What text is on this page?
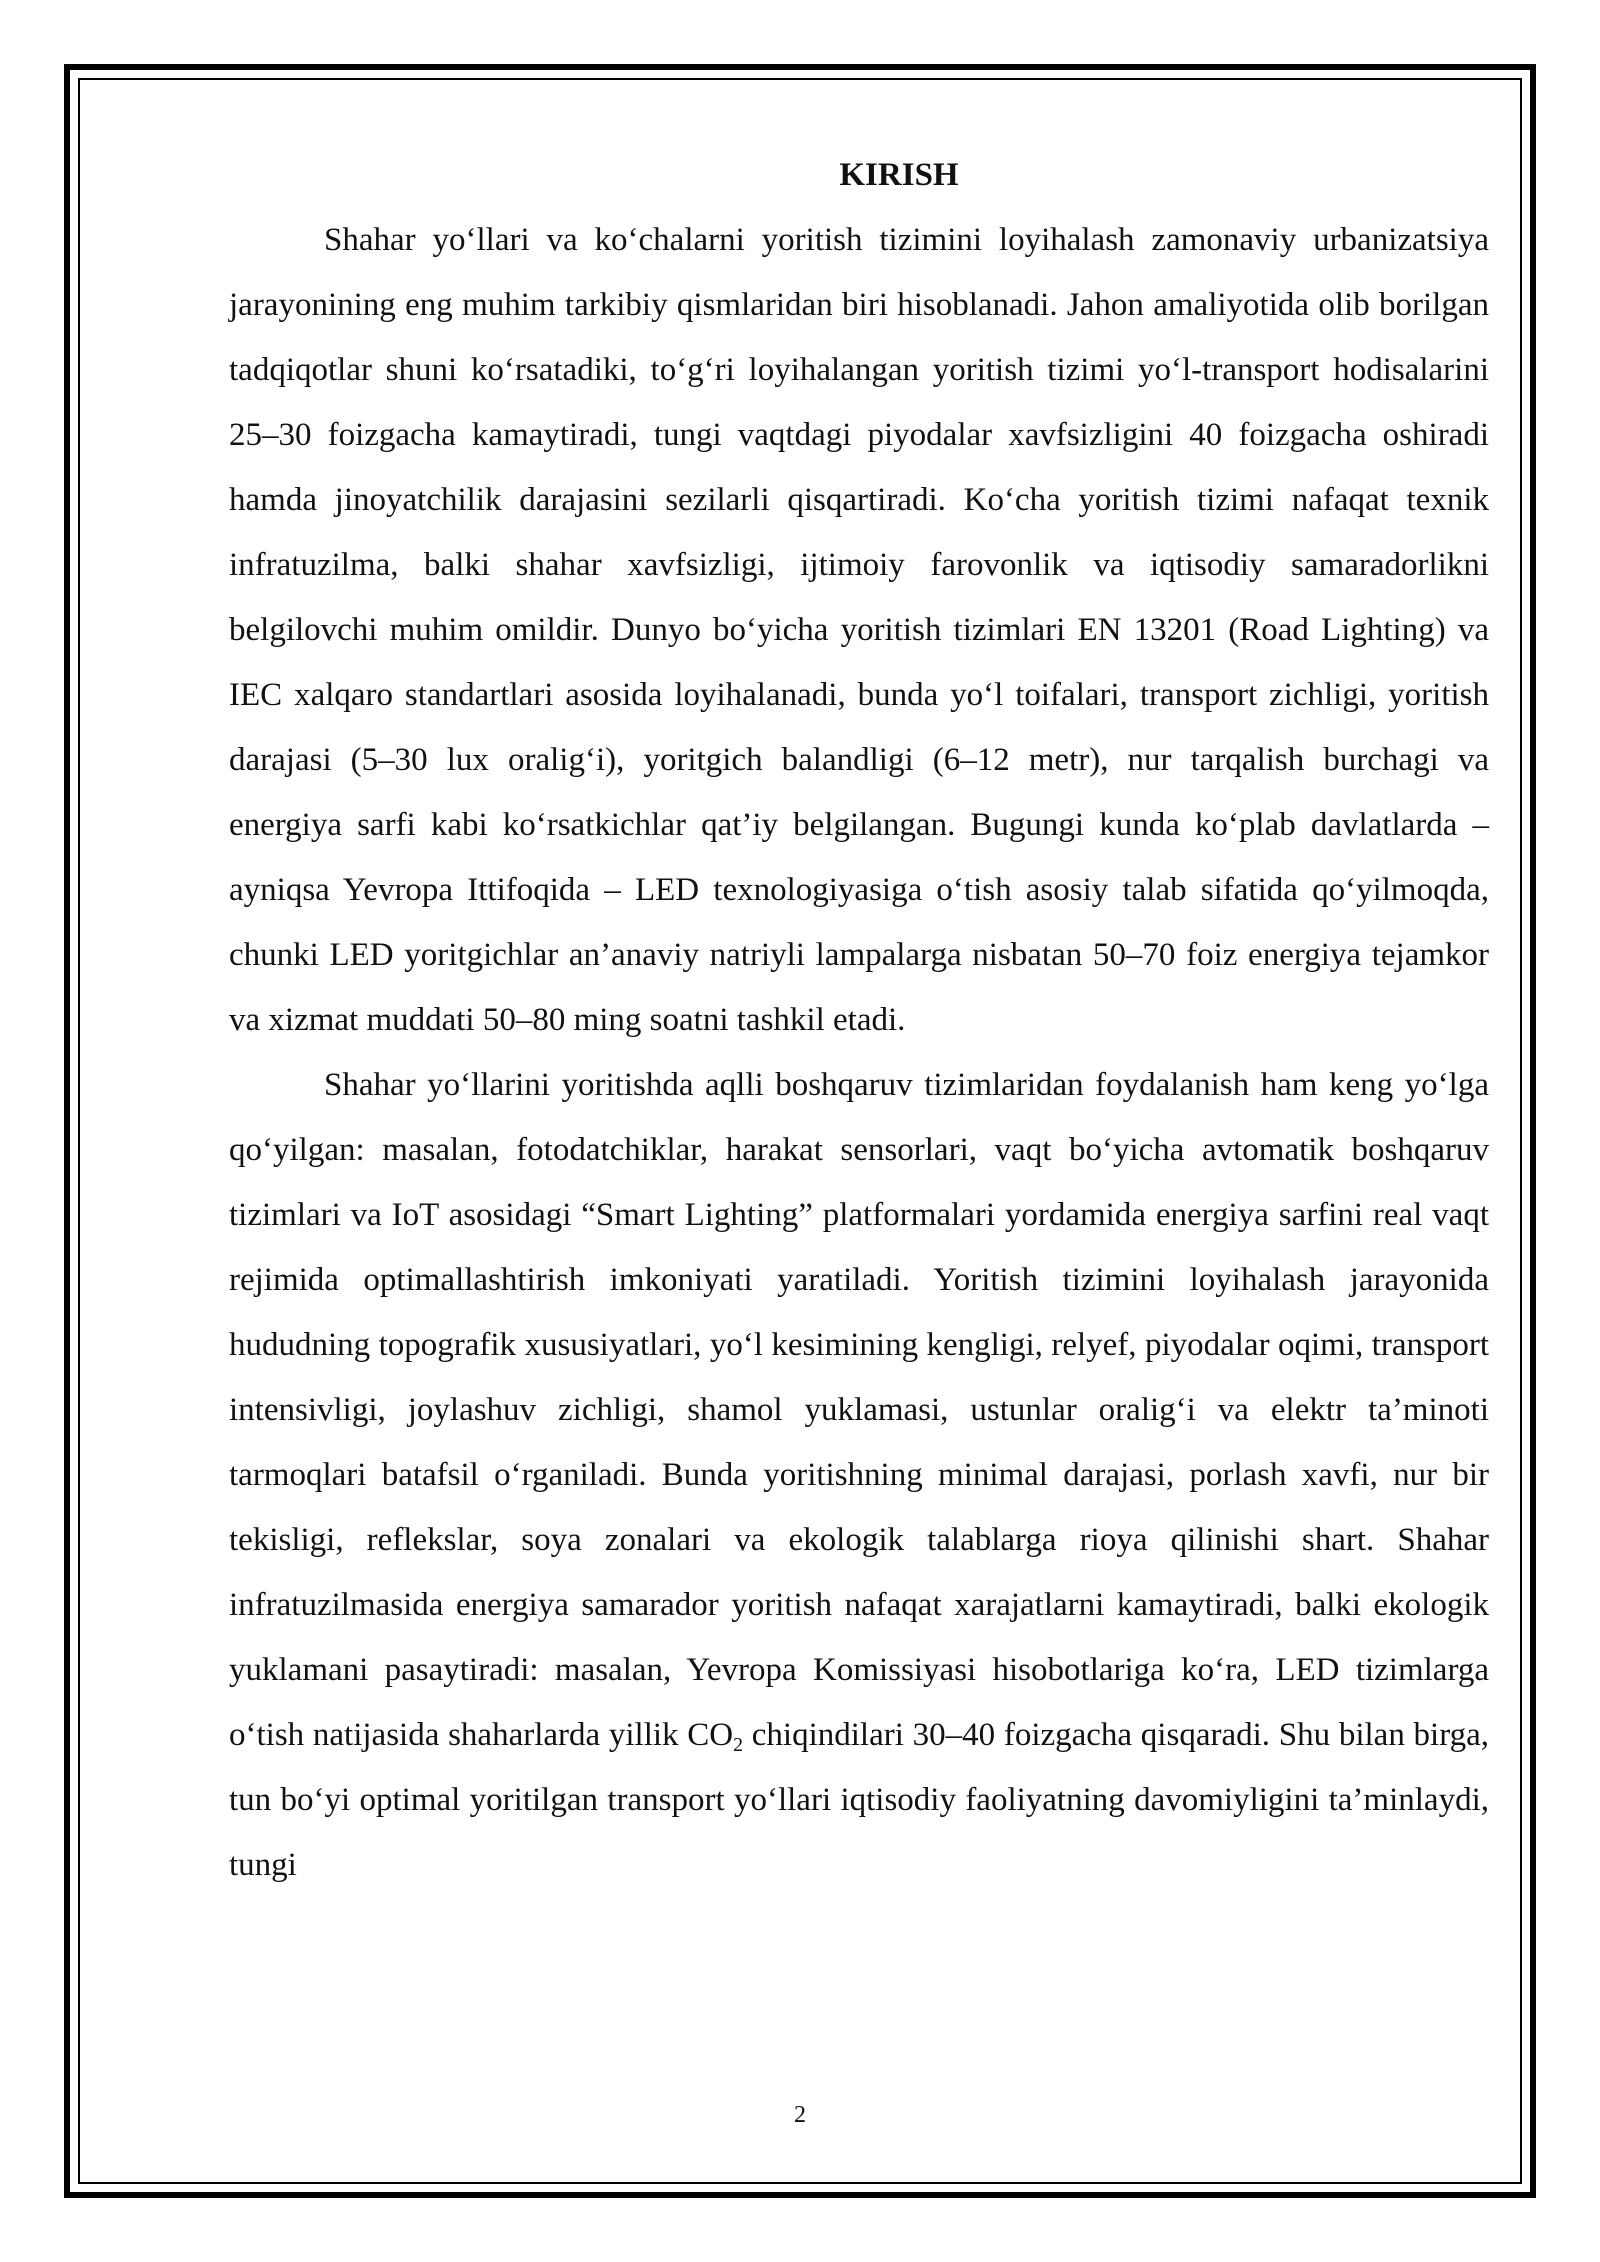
KIRISH

Shahar yo‘llari va ko‘chalarni yoritish tizimini loyihalash zamonaviy urbanizatsiya jarayonining eng muhim tarkibiy qismlaridan biri hisoblanadi. Jahon amaliyotida olib borilgan tadqiqotlar shuni ko‘rsatadiki, to‘g‘ri loyihalangan yoritish tizimi yo‘l-transport hodisalarini 25–30 foizgacha kamaytiradi, tungi vaqtdagi piyodalar xavfsizligini 40 foizgacha oshiradi hamda jinoyatchilik darajasini sezilarli qisqartiradi. Ko‘cha yoritish tizimi nafaqat texnik infratuzilma, balki shahar xavfsizligi, ijtimoiy farovonlik va iqtisodiy samaradorlikni belgilovchi muhim omildir. Dunyo bo‘yicha yoritish tizimlari EN 13201 (Road Lighting) va IEC xalqaro standartlari asosida loyihalanadi, bunda yo‘l toifalari, transport zichligi, yoritish darajasi (5–30 lux oralig‘i), yoritgich balandligi (6–12 metr), nur tarqalish burchagi va energiya sarfi kabi ko‘rsatkichlar qat’iy belgilangan. Bugungi kunda ko‘plab davlatlarda – ayniqsa Yevropa Ittifoqida – LED texnologiyasiga o‘tish asosiy talab sifatida qo‘yilmoqda, chunki LED yoritgichlar an’anaviy natriyli lampalarga nisbatan 50–70 foiz energiya tejamkor va xizmat muddati 50–80 ming soatni tashkil etadi.

Shahar yo‘llarini yoritishda aqlli boshqaruv tizimlaridan foydalanish ham keng yo‘lga qo‘yilgan: masalan, fotodatchiklar, harakat sensorlari, vaqt bo‘yicha avtomatik boshqaruv tizimlari va IoT asosidagi “Smart Lighting” platformalari yordamida energiya sarfini real vaqt rejimida optimallashtirish imkoniyati yaratiladi. Yoritish tizimini loyihalash jarayonida hududning topografik xususiyatlari, yo‘l kesimining kengligi, relyef, piyodalar oqimi, transport intensivligi, joylashuv zichligi, shamol yuklamasi, ustunlar oralig‘i va elektr ta’minoti tarmoqlari batafsil o‘rganiladi. Bunda yoritishning minimal darajasi, porlash xavfi, nur bir tekisligi, reflekslar, soya zonalari va ekologik talablarga rioya qilinishi shart. Shahar infratuzilmasida energiya samarador yoritish nafaqat xarajatlarni kamaytiradi, balki ekologik yuklamani pasaytiradi: masalan, Yevropa Komissiyasi hisobotlariga ko‘ra, LED tizimlarga o‘tish natijasida shaharlarda yillik $CO_2$ chiqindilari 30–40 foizgacha qisqaradi. Shu bilan birga, tun bo‘yi optimal yoritilgan transport yo‘llari iqtisodiy faoliyatning davomiyligini ta’minlaydi, tungi

2
